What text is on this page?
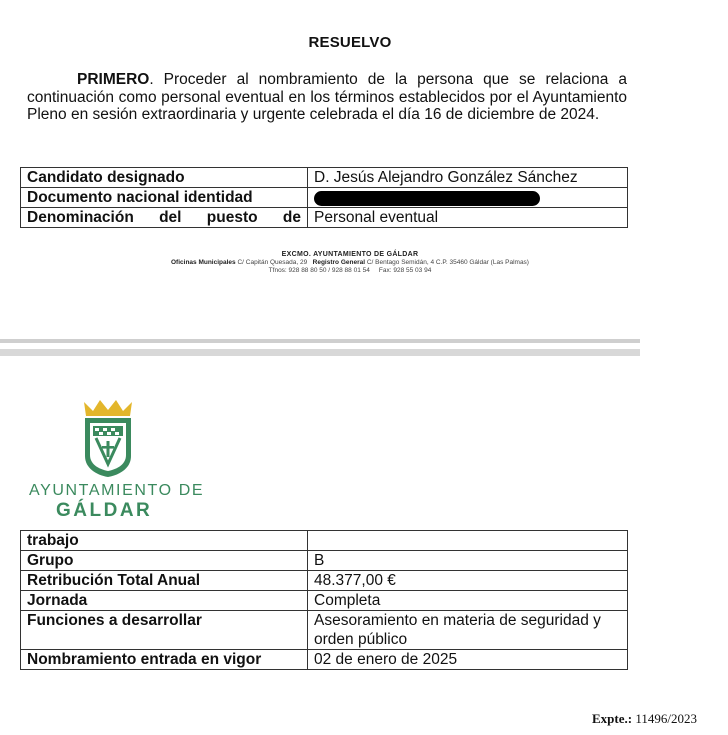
RESUELVO

PRIMERO. Proceder al nombramiento de la persona que se relaciona a continuación como personal eventual en los términos establecidos por el Ayuntamiento Pleno en sesión extraordinaria y urgente celebrada el día 16 de diciembre de 2024.

Candidato designado	D. Jesús Alejandro González Sánchez
Documento nacional identidad	

Denominación del puesto de	Personal eventual
EXCMO. AYUNTAMIENTO DE GÁLDAR
Oficinas Municipales C/ Capitán Quesada, 29 Registro General C/ Bentago Semidán, 4 C.P. 35460 Gáldar (Las Palmas)
Tfnos: 928 88 80 50 / 928 88 01 54 Fax: 928 55 03 94
AYUNTAMIENTO DE
GÁLDAR
trabajo	
Grupo	B
Retribución Total Anual	48.377,00 €
Jornada	Completa
Funciones a desarrollar	Asesoramiento en materia de seguridad y orden público
Nombramiento entrada en vigor	02 de enero de 2025
Expte.: 11496/2023
